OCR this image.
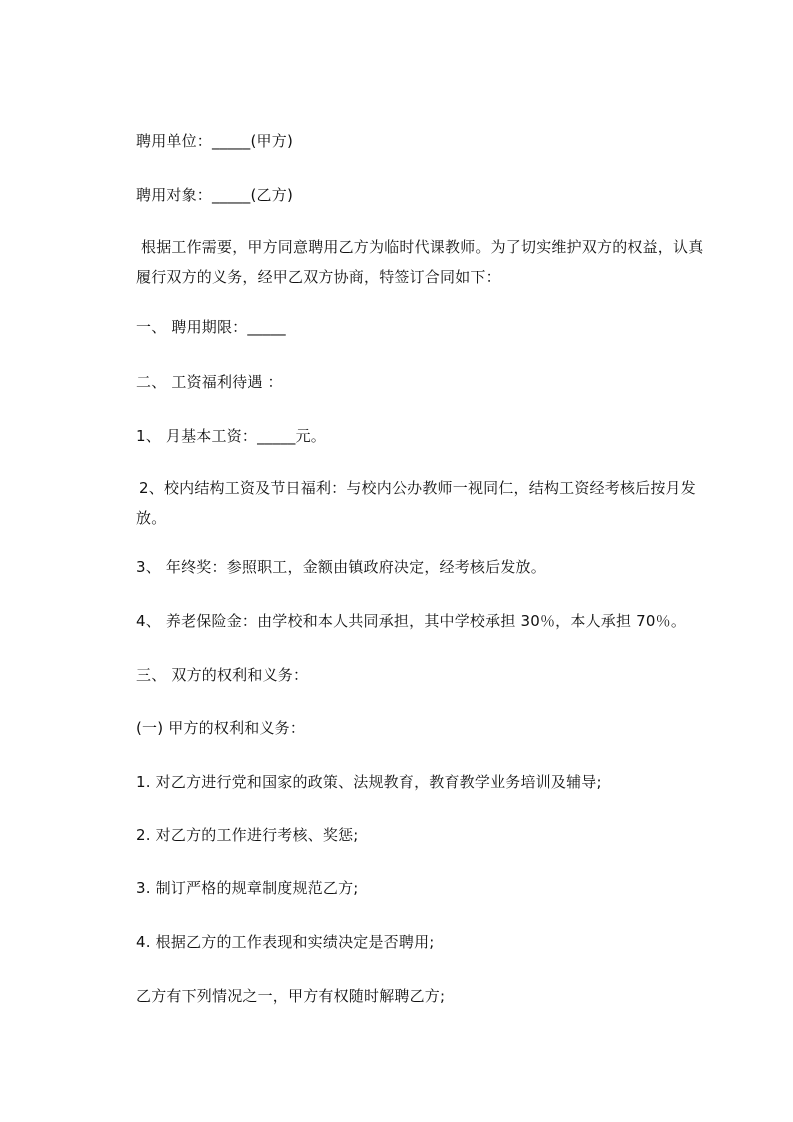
聘用单位：_____(甲方)
聘用对象：_____(乙方)
根据工作需要，甲方同意聘用乙方为临时代课教师。为了切实维护双方的权益，认真履行双方的义务，经甲乙双方协商，特签订合同如下：
一、 聘用期限：_____
二、 工资福利待遇 ：
1、 月基本工资：_____元。
2、校内结构工资及节日福利：与校内公办教师一视同仁，结构工资经考核后按月发放。
3、 年终奖：参照职工，金额由镇政府决定，经考核后发放。
4、 养老保险金：由学校和本人共同承担，其中学校承担 30％，本人承担 70％。
三、 双方的权利和义务：
(一) 甲方的权利和义务：
1. 对乙方进行党和国家的政策、法规教育，教育教学业务培训及辅导;
2. 对乙方的工作进行考核、奖惩;
3. 制订严格的规章制度规范乙方;
4. 根据乙方的工作表现和实绩决定是否聘用;
乙方有下列情况之一，甲方有权随时解聘乙方;
